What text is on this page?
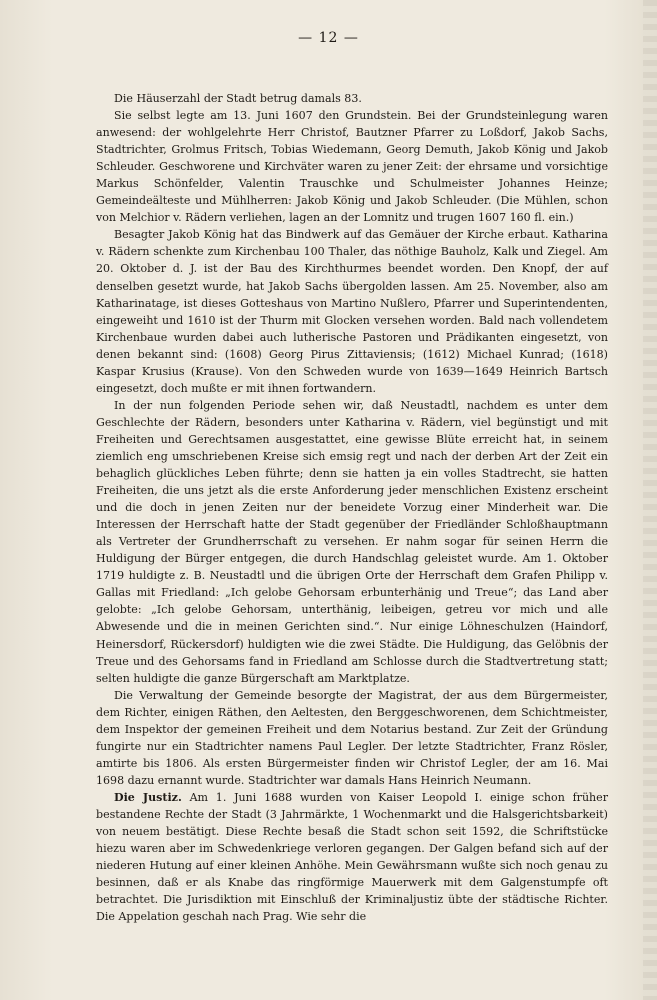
— 12 —

Die Häuserzahl der Stadt betrug damals 83.

Sie selbst legte am 13. Juni 1607 den Grundstein. Bei der Grundsteinlegung waren anwesend: der wohlgelehrte Herr Christof, Bautzner Pfarrer zu Loßdorf, Jakob Sachs, Stadtrichter, Grolmus Fritsch, Tobias Wiedemann, Georg Demuth, Jakob König und Jakob Schleuder. Geschworene und Kirchväter waren zu jener Zeit: der ehrsame und vorsichtige Markus Schönfelder, Valentin Trauschke und Schulmeister Johannes Heinze; Gemeindeälteste und Mühlherren: Jakob König und Jakob Schleuder. (Die Mühlen, schon von Melchior v. Rädern verliehen, lagen an der Lomnitz und trugen 1607 160 fl. ein.)

Besagter Jakob König hat das Bindwerk auf das Gemäuer der Kirche erbaut. Katharina v. Rädern schenkte zum Kirchenbau 100 Thaler, das nöthige Bauholz, Kalk und Ziegel. Am 20. Oktober d. J. ist der Bau des Kirchthurmes beendet worden. Den Knopf, der auf denselben gesetzt wurde, hat Jakob Sachs übergolden lassen. Am 25. November, also am Katharinatage, ist dieses Gotteshaus von Martino Nußlero, Pfarrer und Superintendenten, eingeweiht und 1610 ist der Thurm mit Glocken versehen worden. Bald nach vollendetem Kirchenbaue wurden dabei auch lutherische Pastoren und Prädikanten eingesetzt, von denen bekannt sind: (1608) Georg Pirus Zittaviensis; (1612) Michael Kunrad; (1618) Kaspar Krusius (Krause). Von den Schweden wurde von 1639—1649 Heinrich Bartsch eingesetzt, doch mußte er mit ihnen fortwandern.

In der nun folgenden Periode sehen wir, daß Neustadtl, nachdem es unter dem Geschlechte der Rädern, besonders unter Katharina v. Rädern, viel begünstigt und mit Freiheiten und Gerechtsamen ausgestattet, eine gewisse Blüte erreicht hat, in seinem ziemlich eng umschriebenen Kreise sich emsig regt und nach der derben Art der Zeit ein behaglich glückliches Leben führte; denn sie hatten ja ein volles Stadtrecht, sie hatten Freiheiten, die uns jetzt als die erste Anforderung jeder menschlichen Existenz erscheint und die doch in jenen Zeiten nur der beneidete Vorzug einer Minderheit war. Die Interessen der Herrschaft hatte der Stadt gegenüber der Friedländer Schloßhauptmann als Vertreter der Grundherrschaft zu versehen. Er nahm sogar für seinen Herrn die Huldigung der Bürger entgegen, die durch Handschlag geleistet wurde. Am 1. Oktober 1719 huldigte z. B. Neustadtl und die übrigen Orte der Herrschaft dem Grafen Philipp v. Gallas mit Friedland: „Ich gelobe Gehorsam erbunterhänig und Treue“; das Land aber gelobte: „Ich gelobe Gehorsam, unterthänig, leibeigen, getreu vor mich und alle Abwesende und die in meinen Gerichten sind.“. Nur einige Löhneschulzen (Haindorf, Heinersdorf, Rückersdorf) huldigten wie die zwei Städte. Die Huldigung, das Gelöbnis der Treue und des Gehorsams fand in Friedland am Schlosse durch die Stadtvertretung statt; selten huldigte die ganze Bürgerschaft am Marktplatze.

Die Verwaltung der Gemeinde besorgte der Magistrat, der aus dem Bürgermeister, dem Richter, einigen Räthen, den Aeltesten, den Berggeschworenen, dem Schichtmeister, dem Inspektor der gemeinen Freiheit und dem Notarius bestand. Zur Zeit der Gründung fungirte nur ein Stadtrichter namens Paul Legler. Der letzte Stadtrichter, Franz Rösler, amtirte bis 1806. Als ersten Bürgermeister finden wir Christof Legler, der am 16. Mai 1698 dazu ernannt wurde. Stadtrichter war damals Hans Heinrich Neumann.

Die Justiz. Am 1. Juni 1688 wurden von Kaiser Leopold I. einige schon früher bestandene Rechte der Stadt (3 Jahrmärkte, 1 Wochenmarkt und die Halsgerichtsbarkeit) von neuem bestätigt. Diese Rechte besaß die Stadt schon seit 1592, die Schriftstücke hiezu waren aber im Schwedenkriege verloren gegangen. Der Galgen befand sich auf der niederen Hutung auf einer kleinen Anhöhe. Mein Gewährsmann wußte sich noch genau zu besinnen, daß er als Knabe das ringförmige Mauerwerk mit dem Galgenstumpfe oft betrachtet. Die Jurisdiktion mit Einschluß der Kriminaljustiz übte der städtische Richter. Die Appelation geschah nach Prag. Wie sehr die
